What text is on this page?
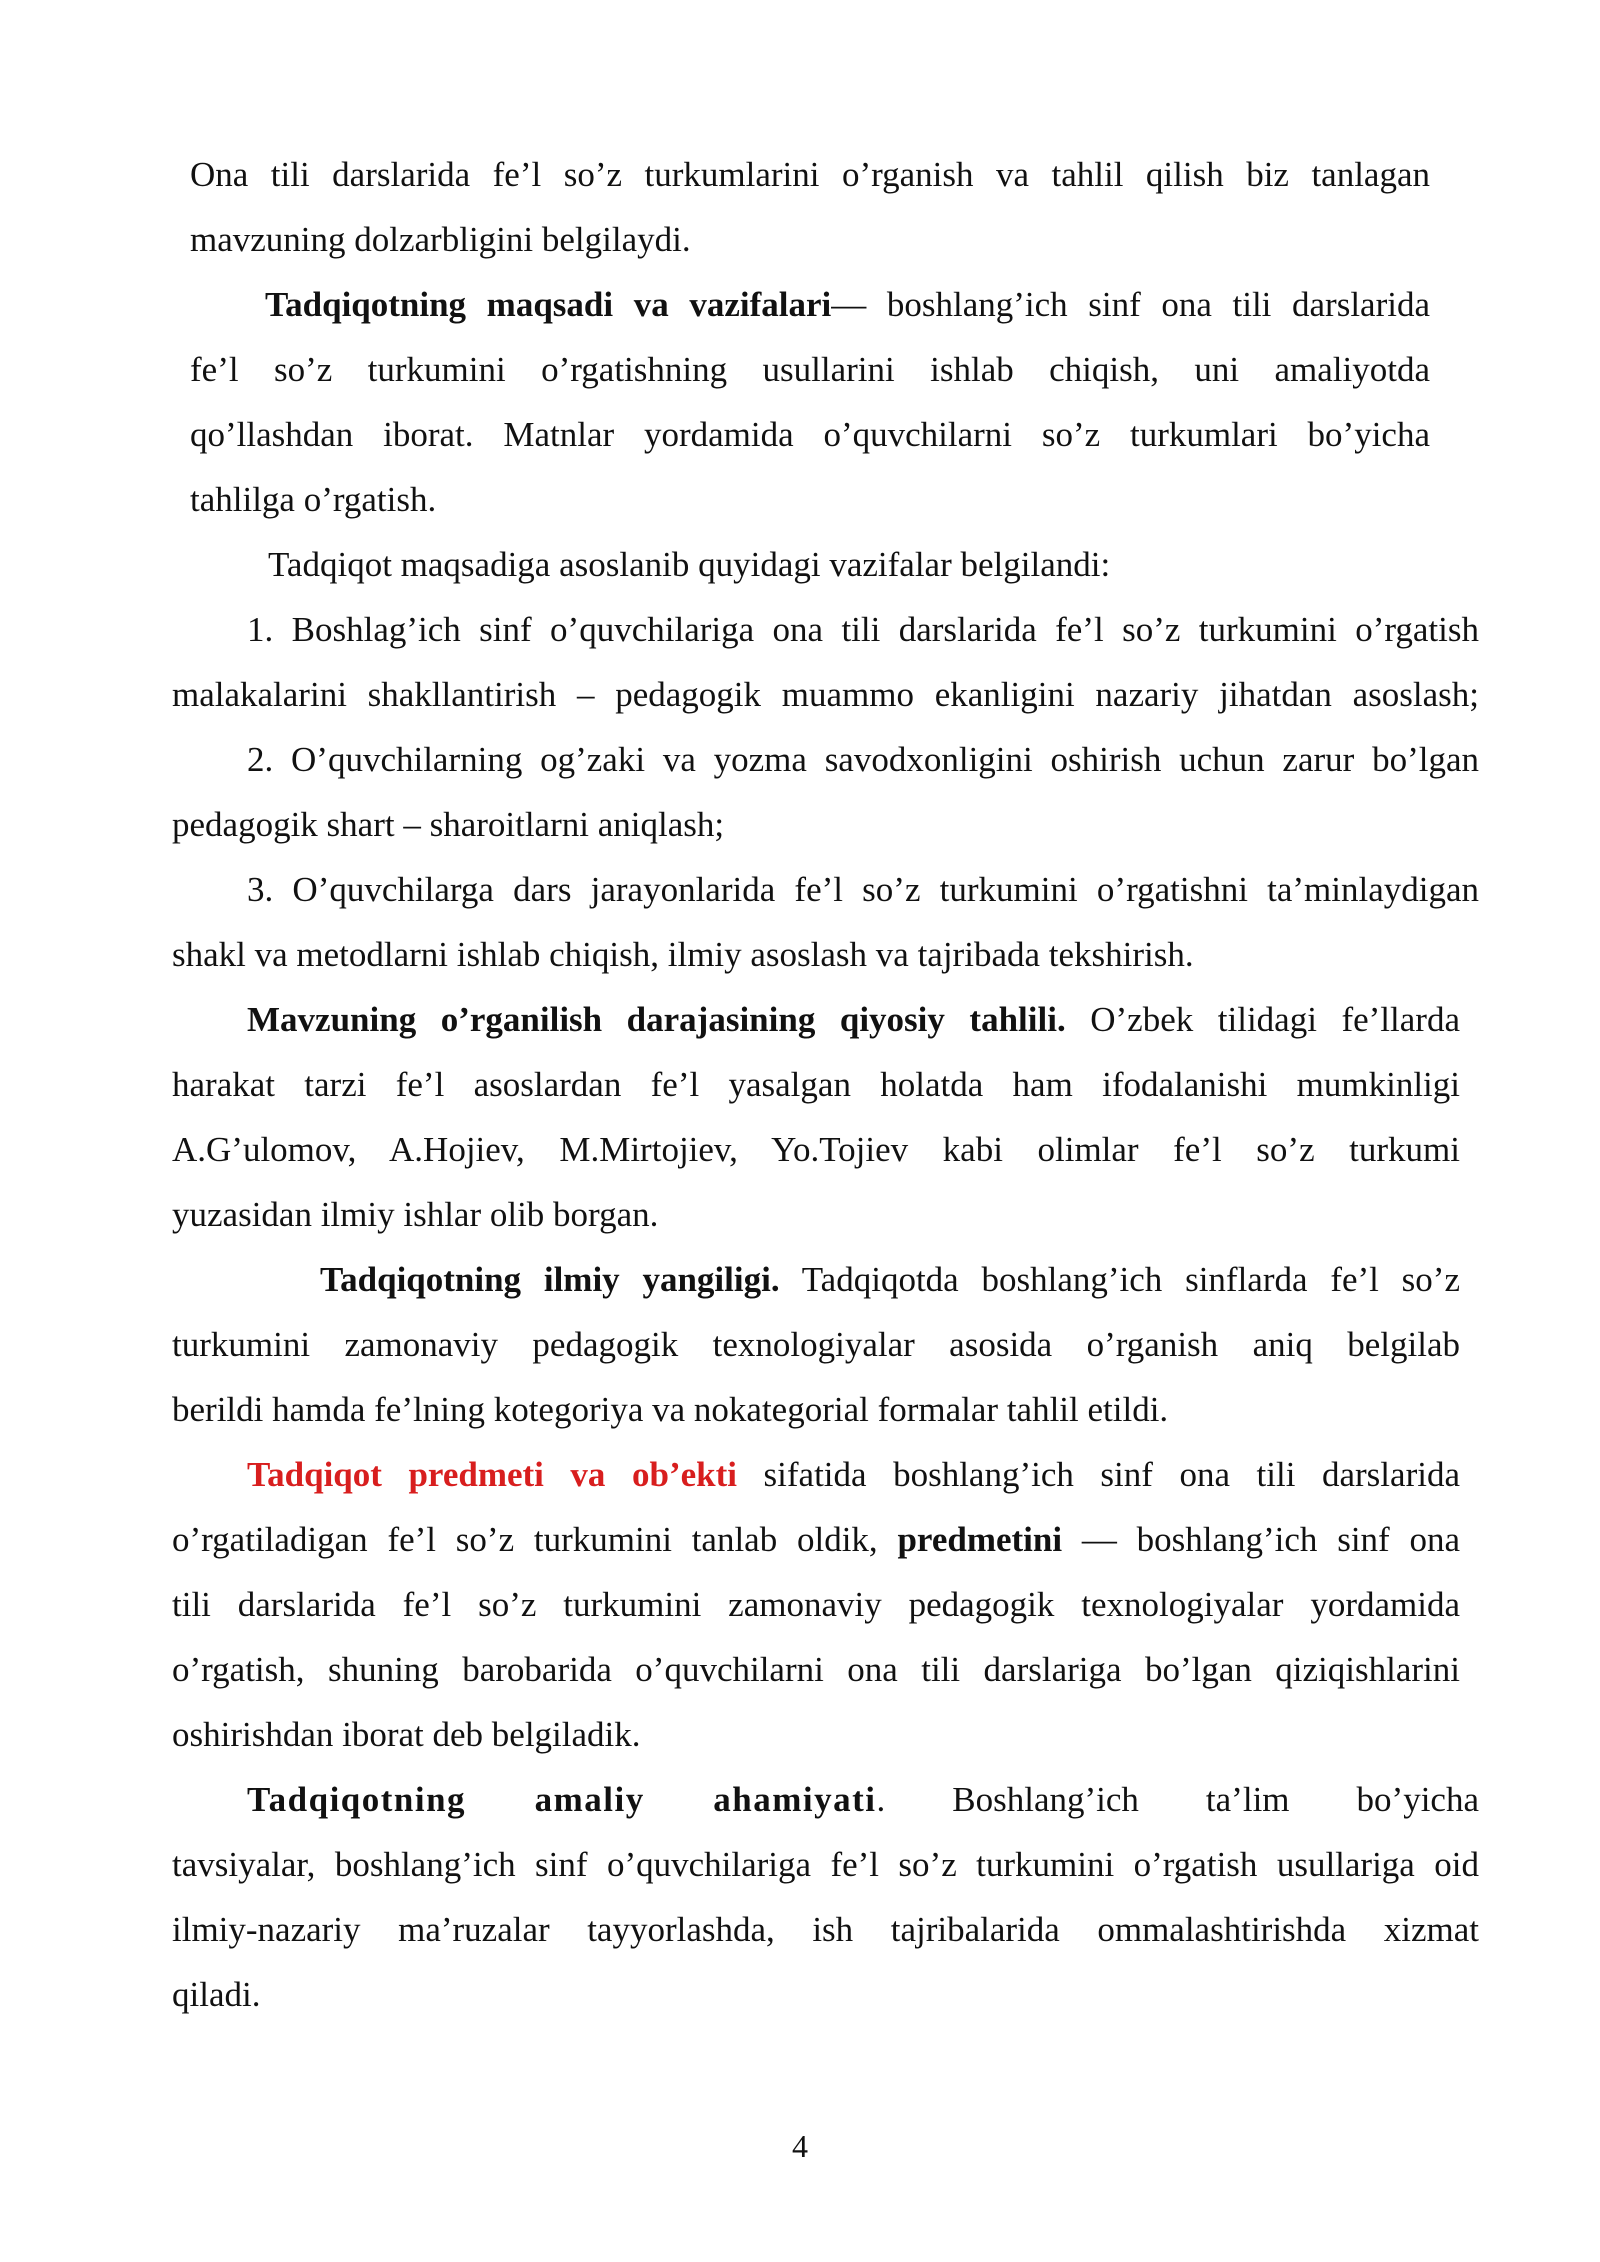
Ona tili darslarida fe’l so’z turkumlarini o’rganish va tahlil qilish biz tanlagan
mavzuning dolzarbligini belgilaydi.
Tadqiqotning maqsadi va vazifalari— boshlang’ich sinf ona tili darslarida
fe’l so’z turkumini o’rgatishning usullarini ishlab chiqish, uni amaliyotda
qo’llashdan iborat. Matnlar yordamida o’quvchilarni so’z turkumlari bo’yicha
tahlilga o’rgatish.
Tadqiqot maqsadiga asoslanib quyidagi vazifalar belgilandi:
1. Boshlag’ich sinf o’quvchilariga ona tili darslarida fe’l so’z turkumini o’rgatish
malakalarini shakllantirish – pedagogik muammo ekanligini nazariy jihatdan asoslash;
2. O’quvchilarning og’zaki va yozma savodxonligini oshirish uchun zarur bo’lgan
pedagogik shart – sharoitlarni aniqlash;
3. O’quvchilarga dars jarayonlarida fe’l so’z turkumini o’rgatishni ta’minlaydigan
shakl va metodlarni ishlab chiqish, ilmiy asoslash va tajribada tekshirish.
Mavzuning o’rganilish darajasining qiyosiy tahlili. O’zbek tilidagi fe’llarda
harakat tarzi fe’l asoslardan fe’l yasalgan holatda ham ifodalanishi mumkinligi
A.G’ulomov, A.Hojiev, M.Mirtojiev, Yo.Tojiev kabi olimlar fe’l so’z turkumi
yuzasidan ilmiy ishlar olib borgan.
Tadqiqotning ilmiy yangiligi. Tadqiqotda boshlang’ich sinflarda fe’l so’z
turkumini zamonaviy pedagogik texnologiyalar asosida o’rganish aniq belgilab
berildi hamda fe’lning kotegoriya va nokategorial formalar tahlil etildi.
Tadqiqot predmeti va ob’ekti sifatida boshlang’ich sinf ona tili darslarida
o’rgatiladigan fe’l so’z turkumini tanlab oldik, predmetini — boshlang’ich sinf ona
tili darslarida fe’l so’z turkumini zamonaviy pedagogik texnologiyalar yordamida
o’rgatish, shuning barobarida o’quvchilarni ona tili darslariga bo’lgan qiziqishlarini
oshirishdan iborat deb belgiladik.
Tadqiqotning amaliy ahamiyati. Boshlang’ich ta’lim bo’yicha
tavsiyalar, boshlang’ich sinf o’quvchilariga fe’l so’z turkumini o’rgatish usullariga oid
ilmiy-nazariy ma’ruzalar tayyorlashda, ish tajribalarida ommalashtirishda xizmat
qiladi.
4
